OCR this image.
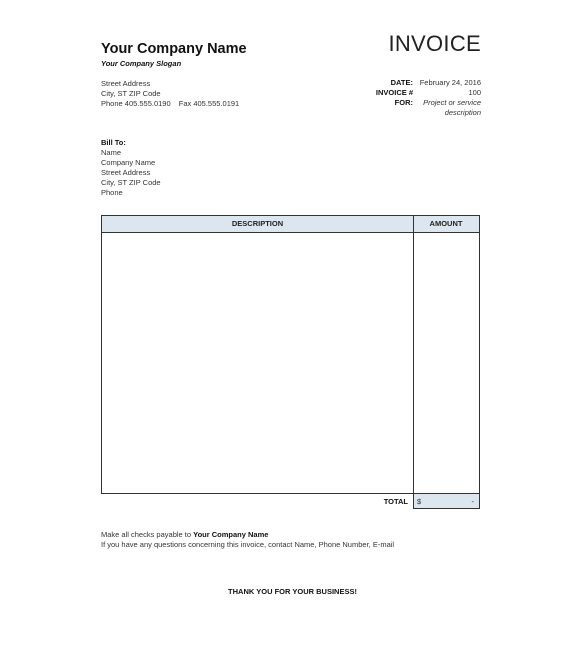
Your Company Name
Your Company Slogan
INVOICE
Street Address
City, ST ZIP Code
Phone 405.555.0190 Fax 405.555.0191
DATE: February 24, 2016
INVOICE #	100
FOR:	Project or service
description
Bill To:
Name
Company Name
Street Address
City, ST ZIP Code
Phone
DESCRIPTION	AMOUNT
TOTAL $	-
Make all checks payable to Your Company Name
If you have any questions concerning this invoice, contact Name, Phone Number, E-mail
THANK YOU FOR YOUR BUSINESS!
